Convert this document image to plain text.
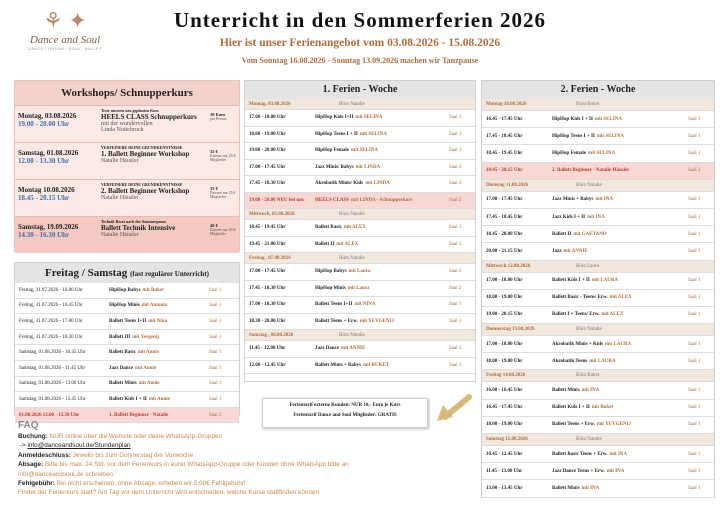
⚘ ✦
Dance and Soul
DANCE · DREAM · SOUL · BALLET
Unterricht in den Sommerferien 2026
Hier ist unser Ferienangebot vom 03.08.2026 - 15.08.2026
Vom Sonntag 16.08.2026 - Sonntag 13.09.2026 machen wir Tanzpause
Workshops/ Schnupperkurs
Montag, 03.08.2026
19.00 - 20.00 Uhr
Teste unseren neu geplanten Kurs
HEELS CLASS Schnupperkurs
mit der wundervollen
Linda Nottebrock
10 Euro
pro Person
Samstag, 01.08.2026
12.00 - 13.30 Uhr
VERFEINERE DEINE GRUNDKENNTNISSE
1. Ballett Beginner Workshop
Natalie Häusler
35 €
Externe nur 25 € Mitglieder
Montag 10.08.2026
18.45 - 20.15 Uhr
VERFEINERE DEINE GRUNDKENNTNISSE
2. Ballett Beginner Workshop
Natalie Häusler
35 €
Externe nur 25 € Mitglieder
Samstag, 19.09.2026
14.30 - 16.30 Uhr
Technik Reset nach der Sommerpause
Ballett Technik Intensive
Natalie Häusler
40 €
Externe nur 30 € Mitglieder
Freitag / Samstag (fast regulärer Unterricht)
Freitag, 31.07.2026 - 16.00 Uhr	HipHop Babys mit Buket	Saal 1
Freitag, 31.07.2026 - 16.45 Uhr	HipHop Minis mit Antonia	Saal 1
Freitag, 31.07.2026 - 17.00 Uhr	Ballett Teens I+II mit Nina	Saal 1
Freitag, 31.07.2026 - 18.30 Uhr	Ballett III mit Yevgenij	Saal 1
Samstag, 01.08.2026 - 10.45 Uhr	Ballett Basic mit Annie	Saal 1
Samstag, 01.08.2026 - 11.45 Uhr	Jazz Dance mit Annie	Saal 1
Samstag, 01.08.2026 - 13.00 Uhr	Ballett Minis mit Annie	Saal 1
Samstag, 01.08.2026 - 13.45 Uhr	Ballett Kids I + II mit Annie	Saal 1
01.08.2026 12.00 - 13.30 Uhr	1. Ballett Beginner - Natalie	Saal 2
1. Ferien - Woche
Montag, 03.08.2026	Büro Natalie
17.00 - 18.00 Uhr	HipHop Kids I+II mit SELINA	Saal 1
18.00 - 19.00 Uhr	HipHop Teens I + II mit SELINA	Saal 1
19.00 - 20.00 Uhr	HipHop Female mit SELINA	Saal 1
17.00 - 17.45 Uhr	Jazz Minis/ Babys mit LINDA	Saal 2
17.45 - 18.30 Uhr	Akrobatik Minis/ Kids mit LINDA	Saal 2
19.00 - 20.00 NEU bei uns	HEELS CLASS mit LINDA - Schnupperkurs	Saal 2
Mittwoch, 05.08.2026	Büro Natalie
18.45 - 19.45 Uhr	Ballett Basic mit ALEX	Saal 1
19.45 - 21.00 Uhr	Ballett II mit ALEX	Saal 1
Freitag , 07.08.2026	Büro Natalie
17.00 - 17.45 Uhr	HipHop Babys mit Laura	Saal 2
17.45 - 18.30 Uhr	HipHop Minis mit Laura	Saal 2
17.00 - 18.30 Uhr	Ballett Teens I+II mit NINA	Saal 1
18.30 - 20.00 Uhr	Ballett Teens + Erw. mit YEVGENIJ	Saal 1
Samstag , 08.08.2026	Büro Natalie
11.45 - 12.00 Uhr	Jazz Dance mit ANNIE	Saal 1
12.00 - 12.45 Uhr	Ballett Minis + Babys mit BUKET	Saal 1
Ferientarif externe Kunden: NUR 10,- Euro je Kurs
Ferientarif Dance and Soul Mitglieder: GRATIS
2. Ferien - Woche
Montag 10.08.2026	Büro Buket
16.45 - 17.45 Uhr	HipHop Kids I + II mit SELINA	Saal 1
17.45 - 18.45 Uhr	HipHop Teens I + II mit SELINA	Saal 1
18.45 - 19.45 Uhr	HipHop Female mit SELINA	Saal 1
18.45 - 20.15 Uhr	2. Ballett Beginner - Natalie Häusler	Saal 2
Dienstag 11.08.2026	Büro Natalie
17.00 - 17.45 Uhr	Jazz Minis + Babys mit INA	Saal 1
17.45 - 18.45 Uhr	Jazz Kids I + II mit INA	Saal 1
18.45 - 20.00 Uhr	Ballett II mit GAETANO	Saal 1
20.00 - 21.15 Uhr	Jazz mit ANNIE	Saal 1
Mittwoch 12.08.2026	Büro Laura
17.00 - 18.00 Uhr	Ballett Kids I + II mit LAURA	Saal 1
18.00 - 19.00 Uhr	Ballett Basic - Teens/ Erw. mit ALEX	Saal 1
19.00 - 20.15 Uhr	Ballett I + Teens/ Erw. mit ALEX	Saal 1
Donnerstag 13.08.2026	Büro Natalie
17.00 - 18.00 Uhr	Akrobatik Minis + Kids mit LAURA	Saal 1
18.00 - 19.00 Uhr	Akrobatik Teens mit LAURA	Saal 1
Freitag 14.08.2026	Büro Buket
16.00 - 16.45 Uhr	Ballett Minis mit INA	Saal 1
16.45 - 17.45 Uhr	Ballett Kids I + II mit Buket	Saal 1
18.00 - 19.00 Uhr	Ballett Teens + Erw. mit YEVGENIJ	Saal 1
Samstag 15.08.2026	Büro Natalie
10.45 - 12.45 Uhr	Ballett Basic Teens + Erw. mit INA	Saal 1
11.45 - 13.00 Uhr	Jazz Dance Teens + Erw. mit INA	Saal 1
13.00 - 13.45 Uhr	Ballett Minis mit INA	Saal 1
FAQ
Buchung: NUR online über die Website oder deine WhatsApp-Gruppen
-> info@danceandsoul.de/Stundenplan
Anmeldeschluss: Jeweils bis zum Donnerstag der Vorwoche
Absage: Bitte bis max. 24 Std. vor dem Ferienkurs in eurer WhatsApp-Gruppe oder Kunden ohne WhatsApp bitte an
info@danceandsoul.de schreiben.
Fehlgebühr: Bei nicht erscheinen, ohne Absage, erheben wir 5,00€ Fehlgebühr!
Findet der Ferienkurs statt? Am Tag vor dem Unterricht wird entschieden, welche Kurse stattfinden können
